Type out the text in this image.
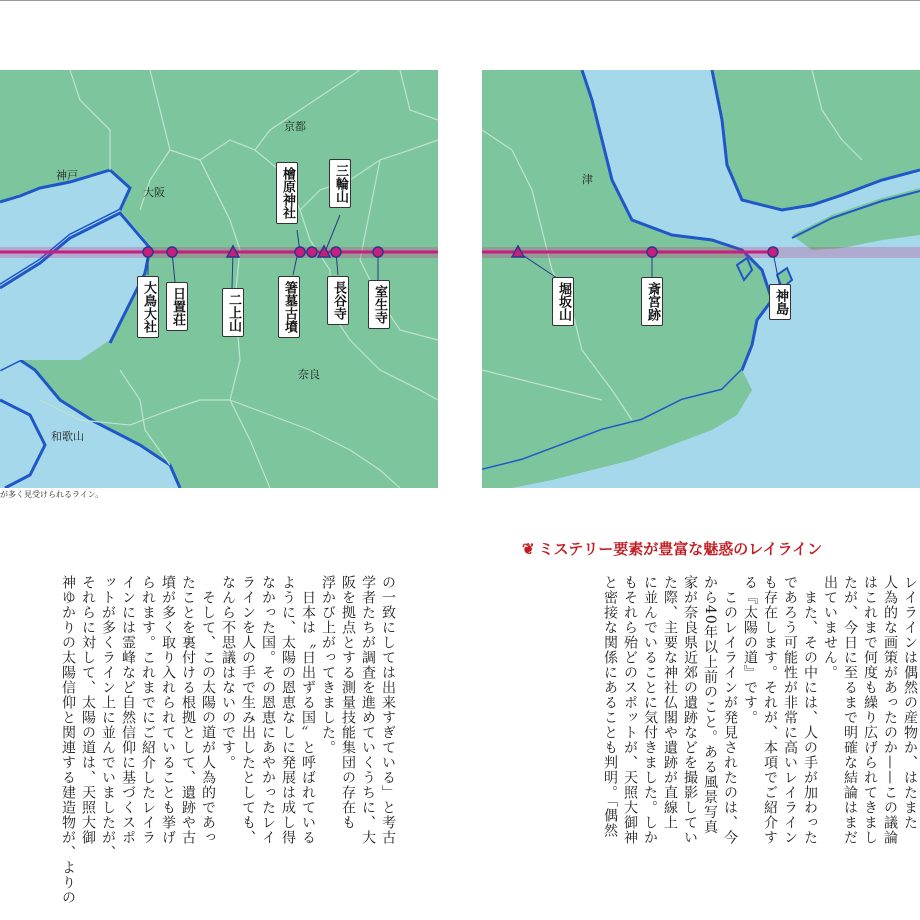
京都
神戸
大阪
奈良
和歌山
檜原神社	三輪山
大鳥大社	日置荘	二上山	箸墓古墳	長谷寺	室生寺
が多く見受けられるライン。
津
堀坂山	斎宮跡	神島
❦ ミステリー要素が豊富な魅惑のレイライン

の一致にしては出来すぎている」と考古

学者たちが調査を進めていくうちに、大

阪を拠点とする測量技能集団の存在も

浮かび上がってきました。

　日本は〝日出ずる国〟と呼ばれている

ように、太陽の恩恵なしに発展は成し得

なかった国。その恩恵にあやかったレイ

ラインを人の手で生み出したとしても、

なんら不思議はないのです。

　そして、この太陽の道が人為的であっ

たことを裏付ける根拠として、遺跡や古

墳が多く取り入れられていることも挙げ

られます。これまでにご紹介したレイラ

インには霊峰など自然信仰に基づくスポ

ットが多くライン上に並んでいましたが、

それらに対して、太陽の道は、天照大御

神ゆかりの太陽信仰と関連する建造物が、よりの	レイラインは偶然の産物か、はたまた

人為的な画策があったのか——この議論

はこれまで何度も繰り広げられてきまし

たが、今日に至るまで明確な結論はまだ

出ていません。

　また、その中には、人の手が加わった

であろう可能性が非常に高いレイライン

も存在します。それが、本項でご紹介す

る『太陽の道』です。

　このレイラインが発見されたのは、今

から40年以上前のこと。ある風景写真

家が奈良県近郊の遺跡などを撮影してい

た際、主要な神社仏閣や遺跡が直線上

に並んでいることに気付きました。しか

もそれら殆どのスポットが、天照大御神

と密接な関係にあることも判明。「偶然
